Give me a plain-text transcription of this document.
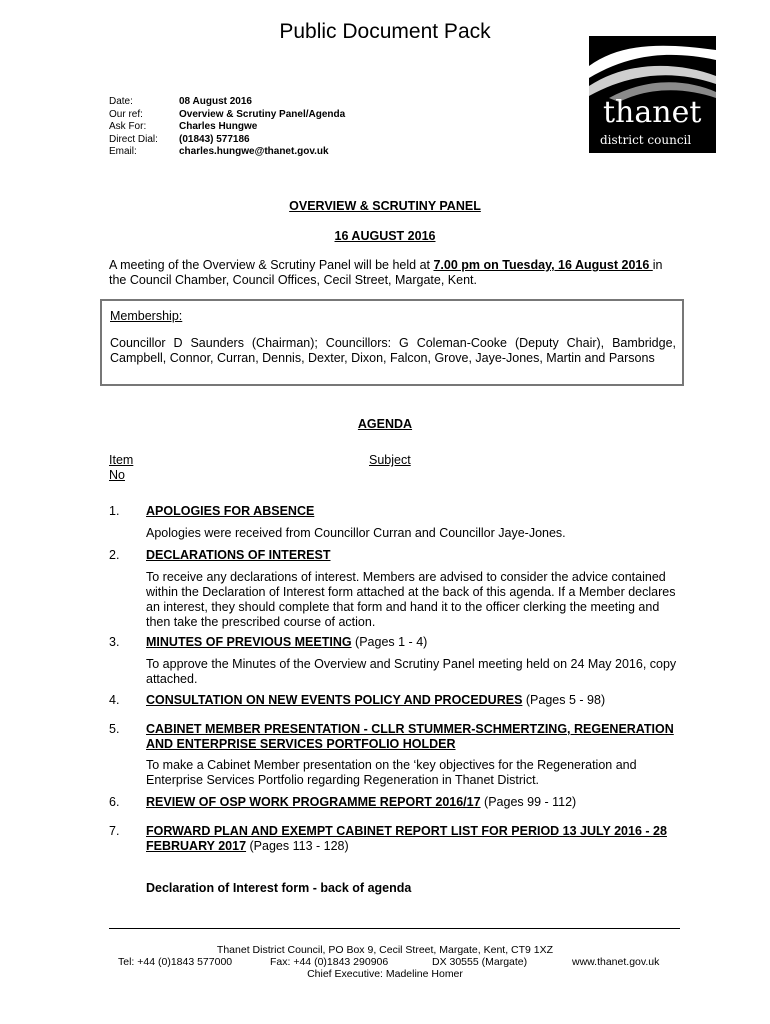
Public Document Pack
Date:	08 August 2016
Our ref:	Overview & Scrutiny Panel/Agenda
Ask For:	Charles Hungwe
Direct Dial:	(01843) 577186
Email:	charles.hungwe@thanet.gov.uk
thanet
district council
OVERVIEW & SCRUTINY PANEL
16 AUGUST 2016
A meeting of the Overview & Scrutiny Panel will be held at 7.00 pm on Tuesday, 16 August 2016 in the Council Chamber, Council Offices, Cecil Street, Margate, Kent.
Membership:
Councillor D Saunders (Chairman); Councillors: G Coleman-Cooke (Deputy Chair), Bambridge, Campbell, Connor, Curran, Dennis, Dexter, Dixon, Falcon, Grove, Jaye-Jones, Martin and Parsons
AGENDA
Item
No
Subject
1. APOLOGIES FOR ABSENCE
Apologies were received from Councillor Curran and Councillor Jaye-Jones.
2. DECLARATIONS OF INTEREST
To receive any declarations of interest. Members are advised to consider the advice contained within the Declaration of Interest form attached at the back of this agenda. If a Member declares an interest, they should complete that form and hand it to the officer clerking the meeting and then take the prescribed course of action.
3. MINUTES OF PREVIOUS MEETING (Pages 1 - 4)
To approve the Minutes of the Overview and Scrutiny Panel meeting held on 24 May 2016, copy attached.
4. CONSULTATION ON NEW EVENTS POLICY AND PROCEDURES (Pages 5 - 98)
5. CABINET MEMBER PRESENTATION - CLLR STUMMER-SCHMERTZING, REGENERATION AND ENTERPRISE SERVICES PORTFOLIO HOLDER
To make a Cabinet Member presentation on the ‘key objectives for the Regeneration and Enterprise Services Portfolio regarding Regeneration in Thanet District.
6. REVIEW OF OSP WORK PROGRAMME REPORT 2016/17 (Pages 99 - 112)
7. FORWARD PLAN AND EXEMPT CABINET REPORT LIST FOR PERIOD 13 JULY 2016 - 28 FEBRUARY 2017 (Pages 113 - 128)
Declaration of Interest form - back of agenda
Thanet District Council, PO Box 9, Cecil Street, Margate, Kent, CT9 1XZ
Tel: +44 (0)1843 577000	Fax: +44 (0)1843 290906	DX 30555 (Margate)	www.thanet.gov.uk
Chief Executive: Madeline Homer
